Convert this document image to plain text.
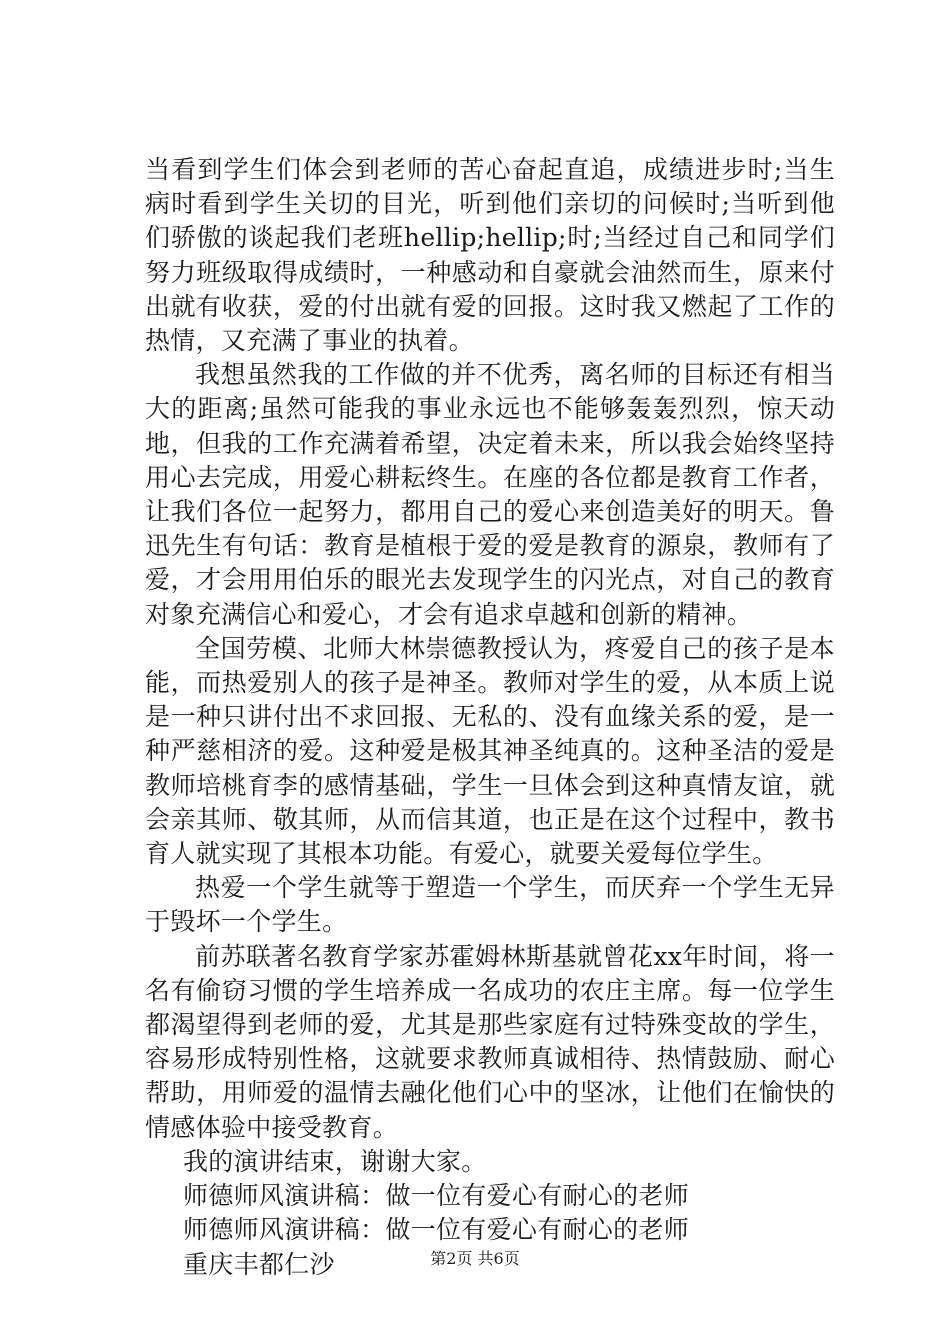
当看到学生们体会到老师的苦心奋起直追，成绩进步时;当生病时看到学生关切的目光，听到他们亲切的问候时;当听到他们骄傲的谈起我们老班hellip;hellip;时;当经过自己和同学们努力班级取得成绩时，一种感动和自豪就会油然而生，原来付出就有收获，爱的付出就有爱的回报。这时我又燃起了工作的热情，又充满了事业的执着。

我想虽然我的工作做的并不优秀，离名师的目标还有相当大的距离;虽然可能我的事业永远也不能够轰轰烈烈，惊天动地，但我的工作充满着希望，决定着未来，所以我会始终坚持用心去完成，用爱心耕耘终生。在座的各位都是教育工作者，让我们各位一起努力，都用自己的爱心来创造美好的明天。鲁迅先生有句话：教育是植根于爱的爱是教育的源泉，教师有了爱，才会用用伯乐的眼光去发现学生的闪光点，对自己的教育对象充满信心和爱心，才会有追求卓越和创新的精神。

全国劳模、北师大林崇德教授认为，疼爱自己的孩子是本能，而热爱别人的孩子是神圣。教师对学生的爱，从本质上说是一种只讲付出不求回报、无私的、没有血缘关系的爱，是一种严慈相济的爱。这种爱是极其神圣纯真的。这种圣洁的爱是教师培桃育李的感情基础，学生一旦体会到这种真情友谊，就会亲其师、敬其师，从而信其道，也正是在这个过程中，教书育人就实现了其根本功能。有爱心，就要关爱每位学生。

热爱一个学生就等于塑造一个学生，而厌弃一个学生无异于毁坏一个学生。

前苏联著名教育学家苏霍姆林斯基就曾花xx年时间，将一名有偷窃习惯的学生培养成一名成功的农庄主席。每一位学生都渴望得到老师的爱，尤其是那些家庭有过特殊变故的学生，容易形成特别性格，这就要求教师真诚相待、热情鼓励、耐心帮助，用师爱的温情去融化他们心中的坚冰，让他们在愉快的情感体验中接受教育。

我的演讲结束，谢谢大家。

师德师风演讲稿：做一位有爱心有耐心的老师

师德师风演讲稿：做一位有爱心有耐心的老师

重庆丰都仁沙	第2页 共6页
